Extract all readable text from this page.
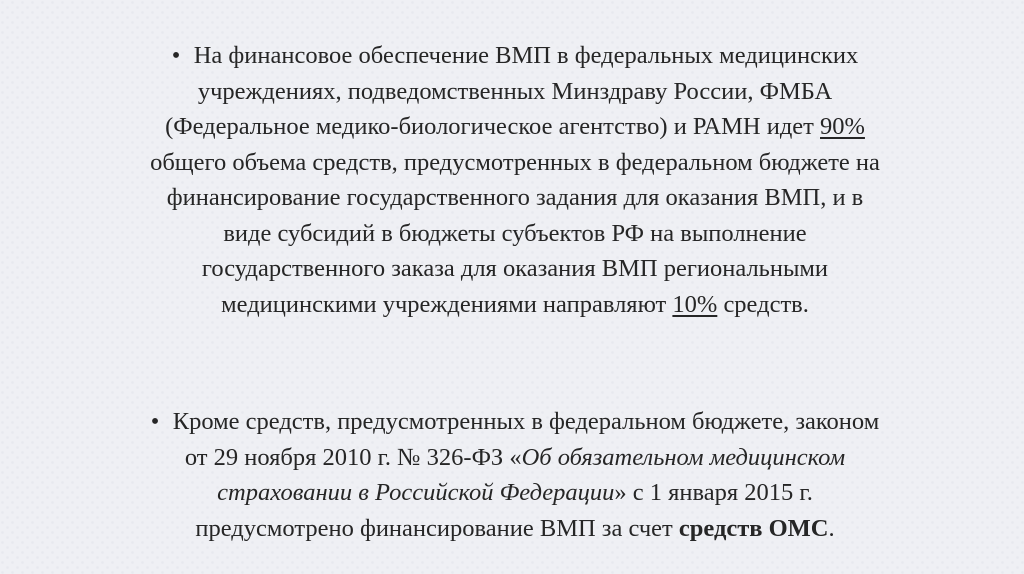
• На финансовое обеспечение ВМП в федеральных медицинских
учреждениях, подведомственных Минздраву России, ФМБА
(Федеральное медико-биологическое агентство) и РАМН идет 90%
общего объема средств, предусмотренных в федеральном бюджете на
финансирование государственного задания для оказания ВМП, и в
виде субсидий в бюджеты субъектов РФ на выполнение
государственного заказа для оказания ВМП региональными
медицинскими учреждениями направляют 10% средств.
• Кроме средств, предусмотренных в федеральном бюджете, законом
от 29 ноября 2010 г. № 326-ФЗ «Об обязательном медицинском
страховании в Российской Федерации» с 1 января 2015 г.
предусмотрено финансирование ВМП за счет средств ОМС.
